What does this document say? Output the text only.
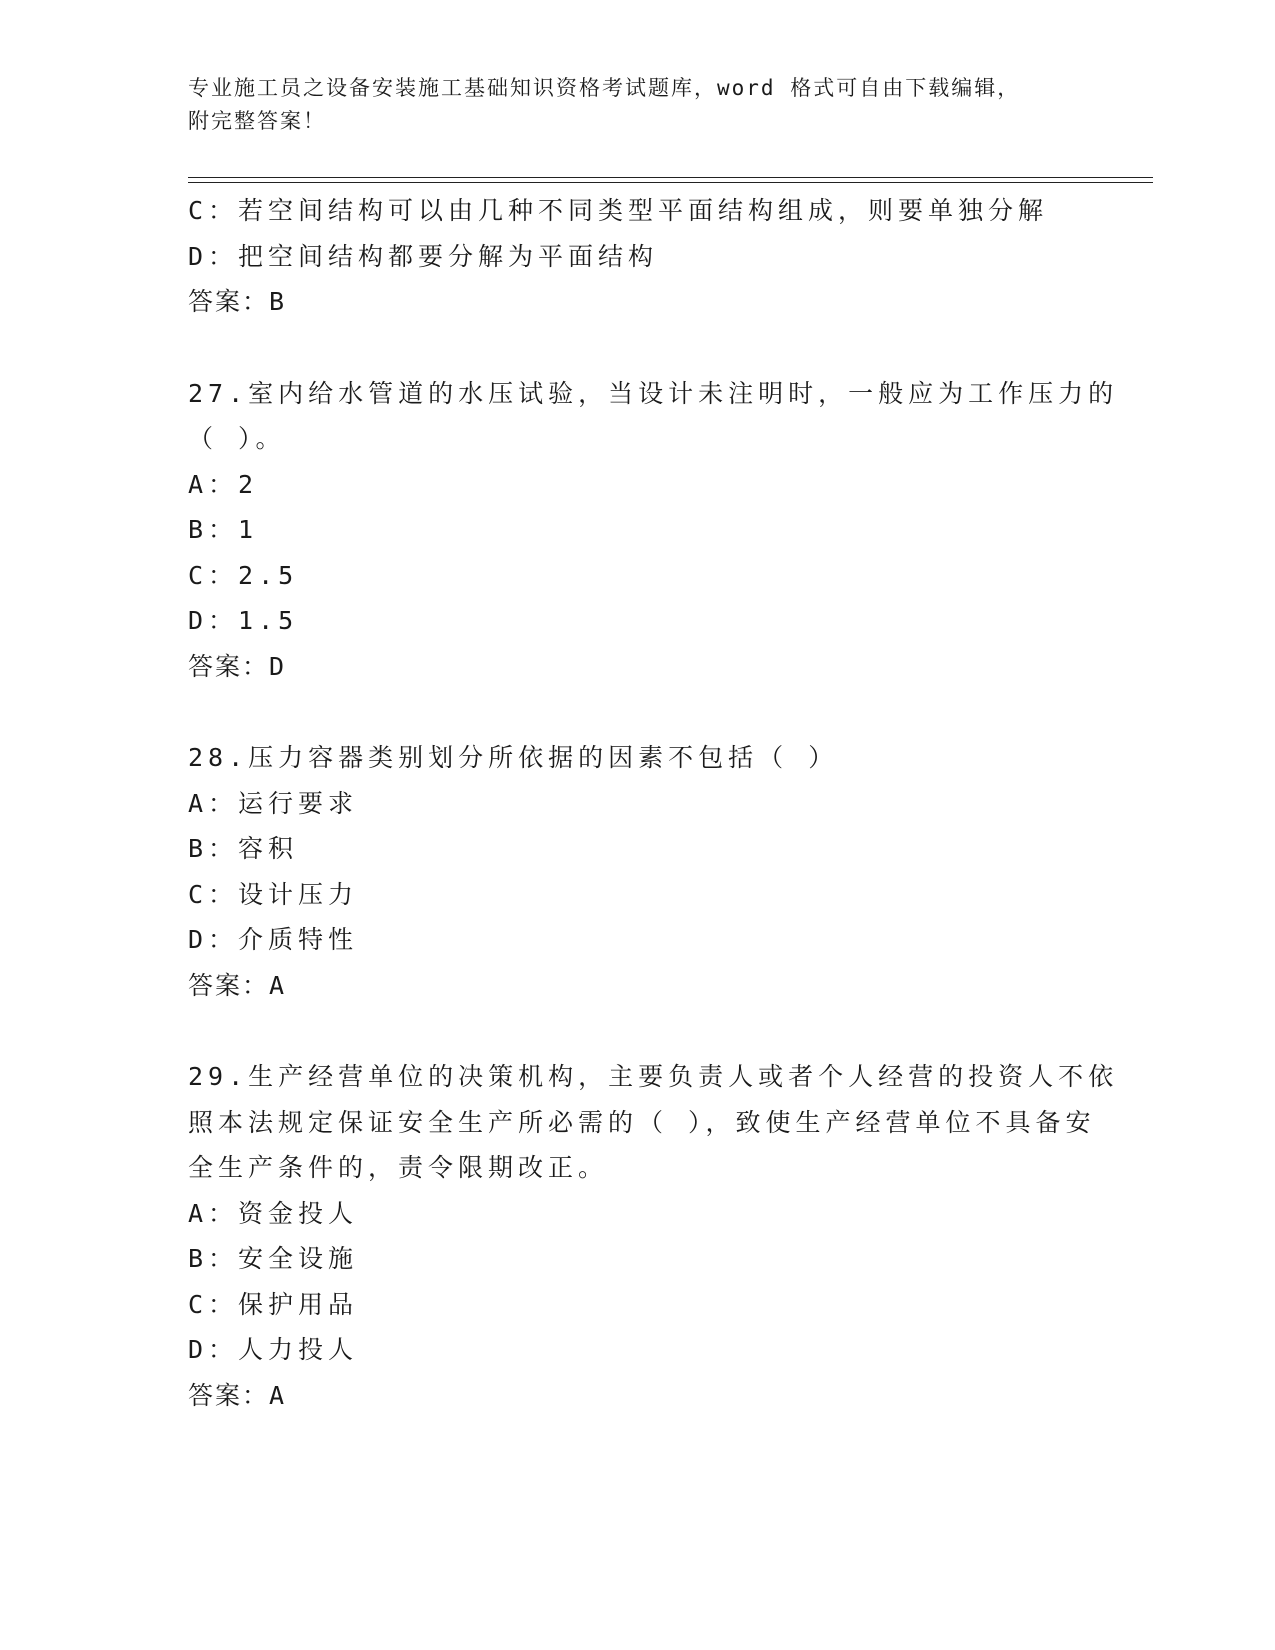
专业施工员之设备安装施工基础知识资格考试题库，word 格式可自由下载编辑，
附完整答案！
C：若空间结构可以由几种不同类型平面结构组成，则要单独分解
D：把空间结构都要分解为平面结构
答案：B
27.室内给水管道的水压试验，当设计未注明时，一般应为工作压力的
（ ）。
A：2
B：1
C：2.5
D：1.5
答案：D
28.压力容器类别划分所依据的因素不包括（ ）
A：运行要求
B：容积
C：设计压力
D：介质特性
答案：A
29.生产经营单位的决策机构，主要负责人或者个人经营的投资人不依
照本法规定保证安全生产所必需的（ ），致使生产经营单位不具备安
全生产条件的，责令限期改正。
A：资金投人
B：安全设施
C：保护用品
D：人力投人
答案：A
